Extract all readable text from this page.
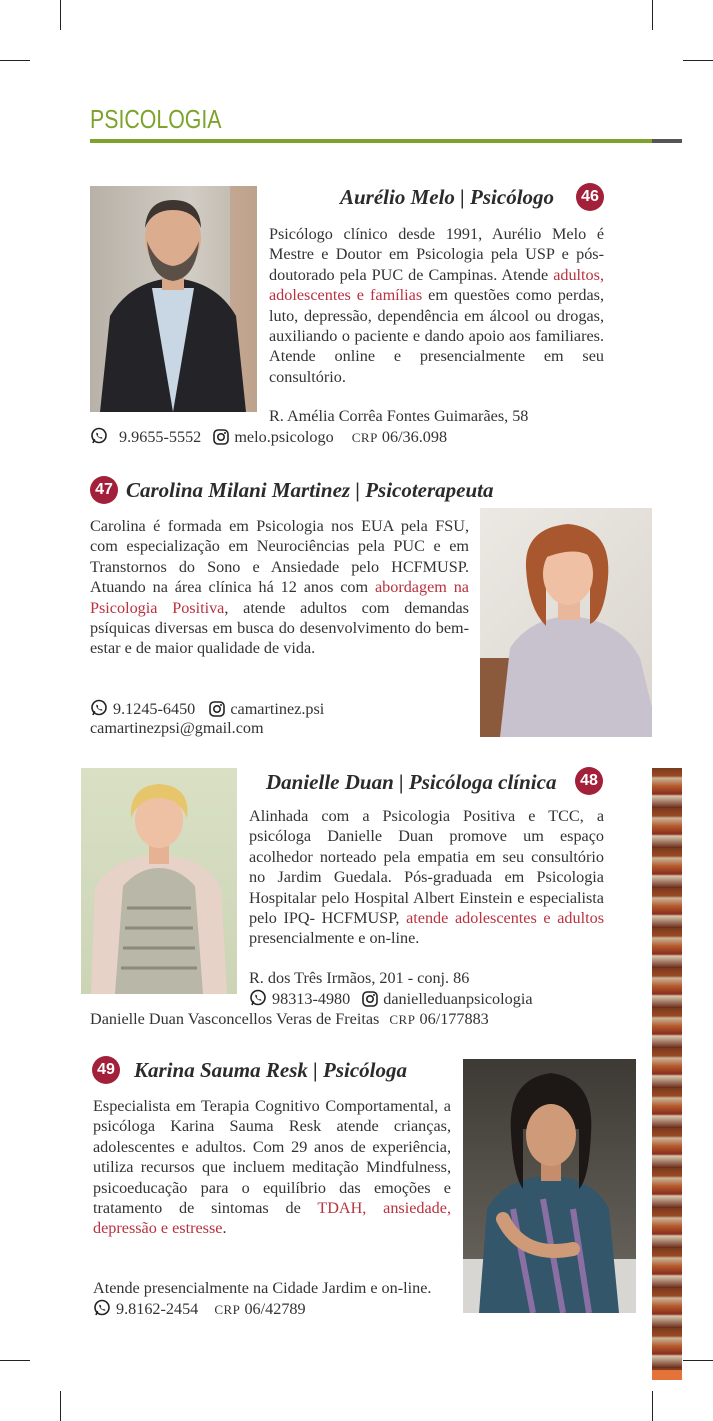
PSICOLOGIA
Aurélio Melo | Psicólogo	46
Psicólogo clínico desde 1991, Aurélio Melo é Mestre e Doutor em Psicologia pela USP e pós-doutorado pela PUC de Campinas. Atende adultos, adolescentes e famílias em questões como perdas, luto, depressão, dependência em álcool ou drogas, auxiliando o paciente e dando apoio aos familiares. Atende online e presencialmente em seu consultório.
R. Amélia Corrêa Fontes Guimarães, 58
9.9655-5552 melo.psicologo CRP 06/36.098
47 Carolina Milani Martinez | Psicoterapeuta
Carolina é formada em Psicologia nos EUA pela FSU, com especialização em Neurociências pela PUC e em Transtornos do Sono e Ansiedade pelo HCFMUSP. Atuando na área clínica há 12 anos com abordagem na Psicologia Positiva, atende adultos com demandas psíquicas diversas em busca do desenvolvimento do bem-estar e de maior qualidade de vida.
9.1245-6450 camartinez.psi
camartinezpsi@gmail.com
Danielle Duan | Psicóloga clínica	48
Alinhada com a Psicologia Positiva e TCC, a psicóloga Danielle Duan promove um espaço acolhedor norteado pela empatia em seu consultório no Jardim Guedala. Pós-graduada em Psicologia Hospitalar pelo Hospital Albert Einstein e especialista pelo IPQ- HCFMUSP, atende adolescentes e adultos presencialmente e on-line.
R. dos Três Irmãos, 201 - conj. 86
98313-4980 danielleduanpsicologia
Danielle Duan Vasconcellos Veras de Freitas CRP 06/177883
49 Karina Sauma Resk | Psicóloga
Especialista em Terapia Cognitivo Comportamental, a psicóloga Karina Sauma Resk atende crianças, adolescentes e adultos. Com 29 anos de experiência, utiliza recursos que incluem meditação Mindfulness, psicoeducação para o equilíbrio das emoções e tratamento de sintomas de TDAH, ansiedade, depressão e estresse.
Atende presencialmente na Cidade Jardim e on-line.
9.8162-2454 CRP 06/42789
